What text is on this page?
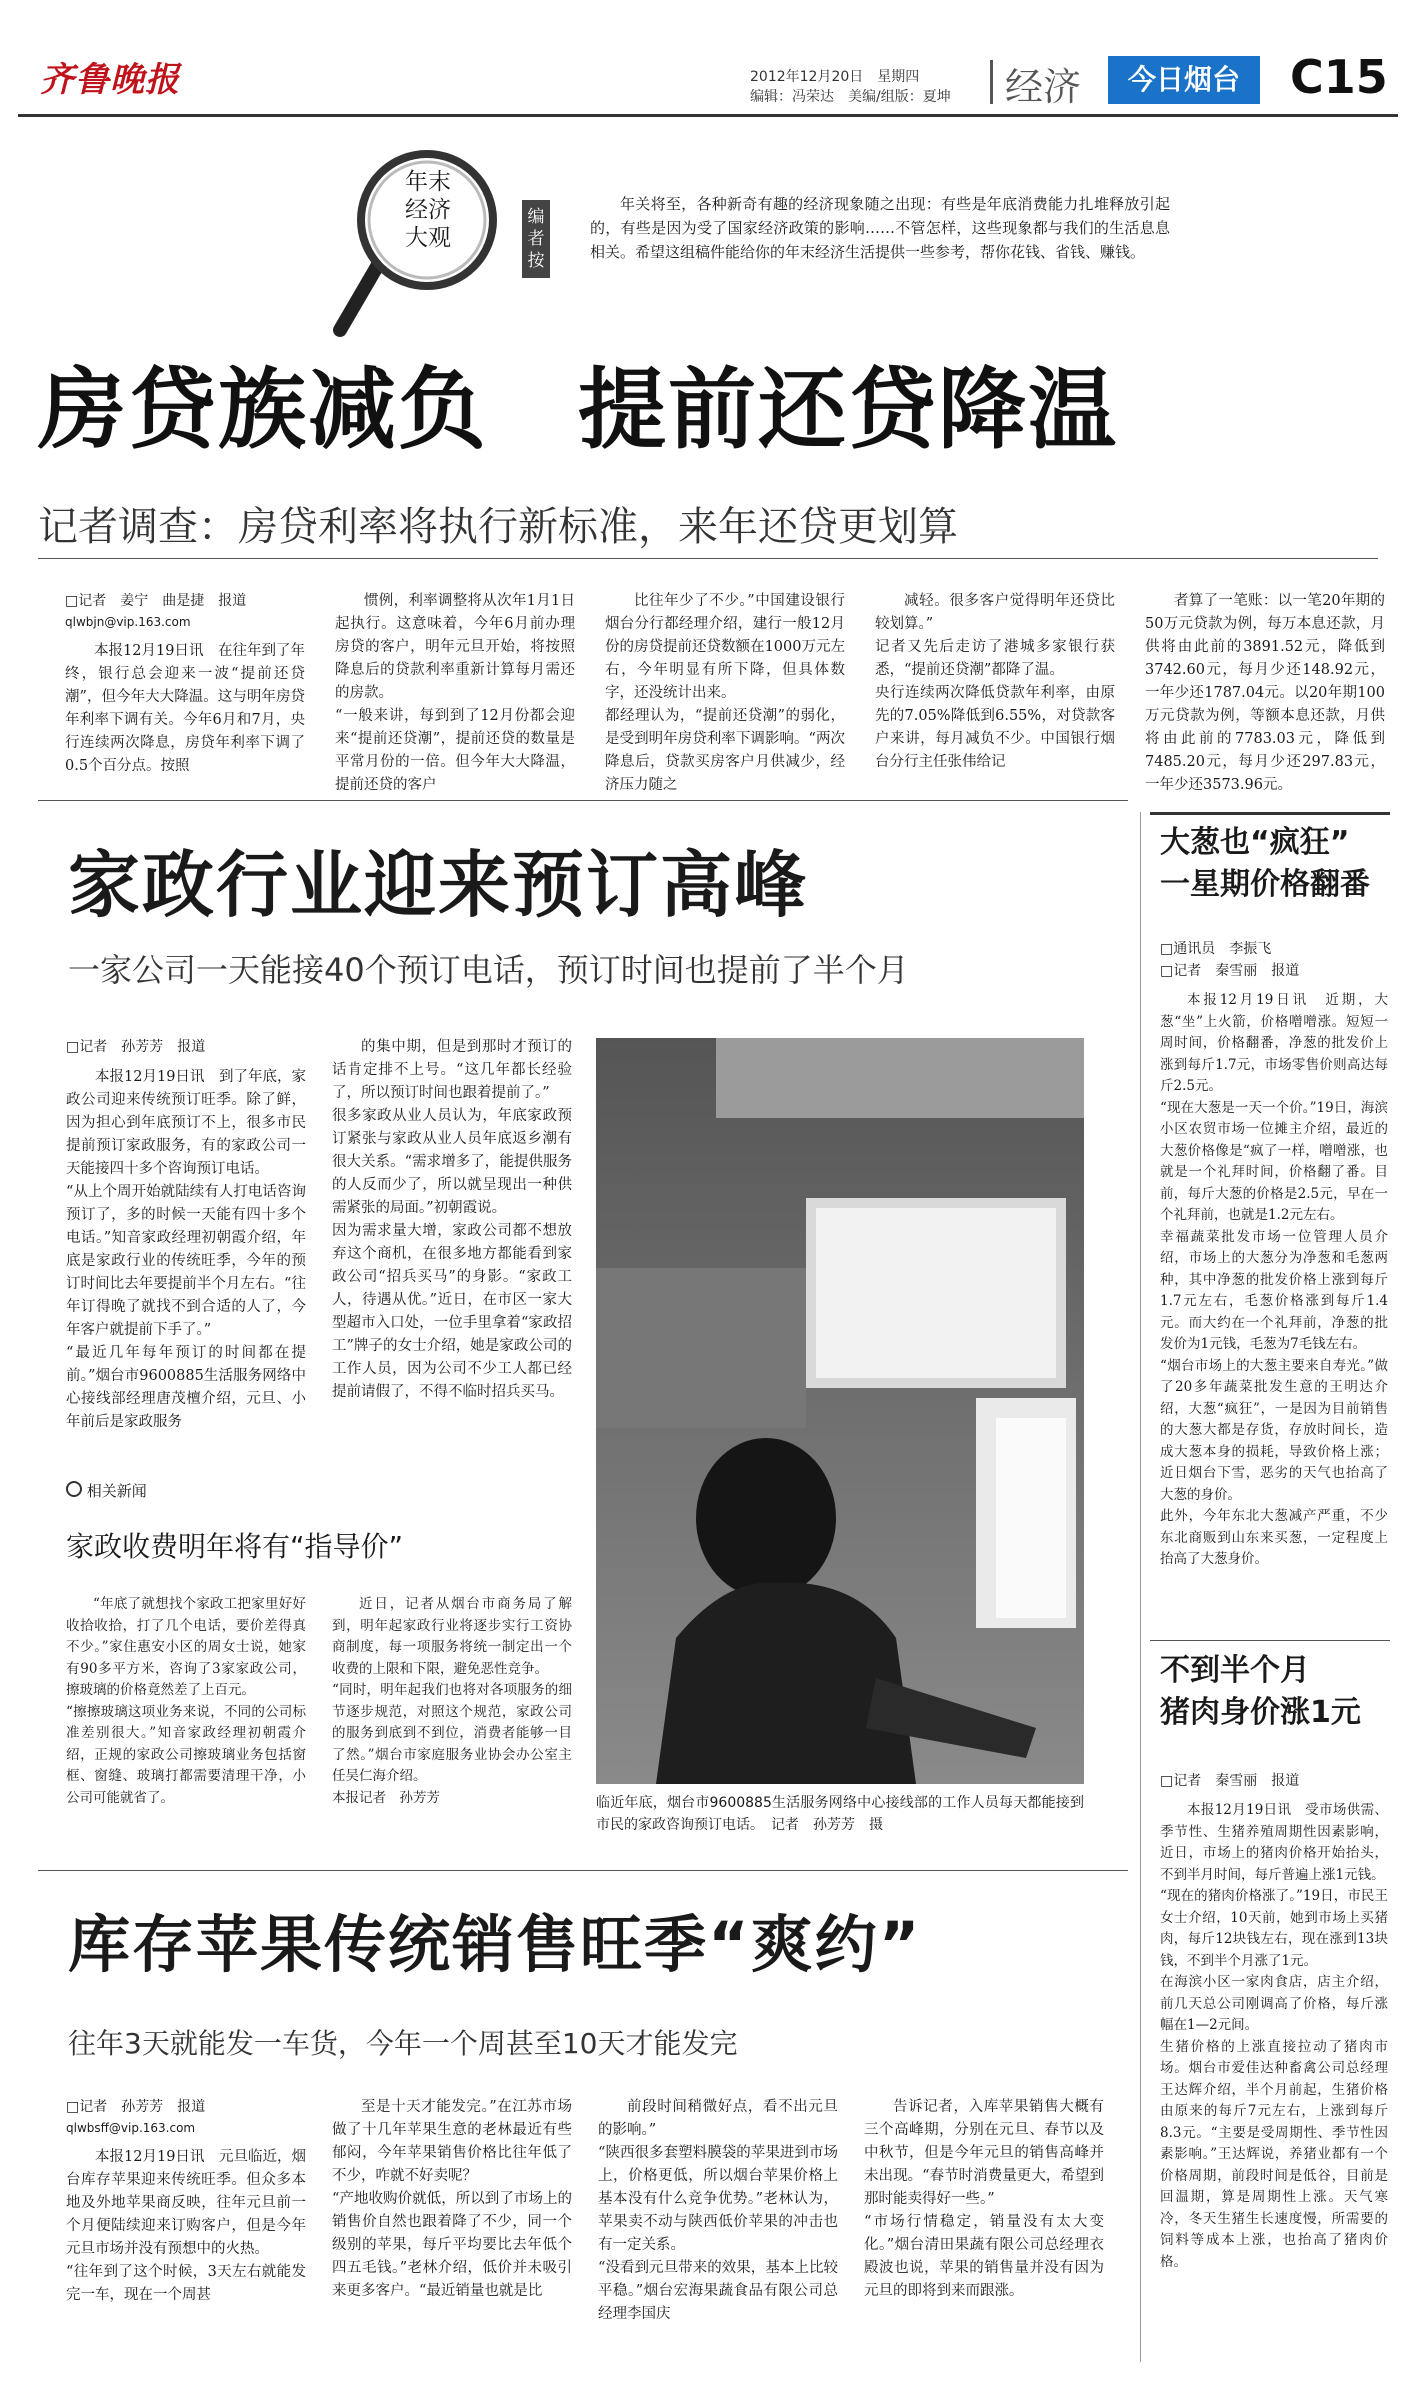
齐鲁晚报	2012年12月20日　星期四
编辑：冯荣达　美编/组版：夏坤 经济	今日烟台	C15
年末
经济
大观
编者按
年关将至，各种新奇有趣的经济现象随之出现：有些是年底消费能力扎堆释放引起的，有些是因为受了国家经济政策的影响……不管怎样，这些现象都与我们的生活息息相关。希望这组稿件能给你的年末经济生活提供一些参考，帮你花钱、省钱、赚钱。
房贷族减负　提前还贷降温
记者调查：房贷利率将执行新标准，来年还贷更划算

□记者　姜宁　曲是捷　报道

qlwbjn@vip.163.com

本报12月19日讯　在往年到了年终，银行总会迎来一波“提前还贷潮”，但今年大大降温。这与明年房贷年利率下调有关。今年6月和7月，央行连续两次降息，房贷年利率下调了0.5个百分点。按照

惯例，利率调整将从次年1月1日起执行。这意味着，今年6月前办理房贷的客户，明年元旦开始，将按照降息后的贷款利率重新计算每月需还的房款。
“一般来讲，每到到了12月份都会迎来“提前还贷潮”，提前还贷的数量是平常月份的一倍。但今年大大降温，提前还贷的客户

比往年少了不少。”中国建设银行烟台分行都经理介绍，建行一般12月份的房贷提前还贷数额在1000万元左右，今年明显有所下降，但具体数字，还没统计出来。
都经理认为，“提前还贷潮”的弱化，是受到明年房贷利率下调影响。“两次降息后，贷款买房客户月供减少，经济压力随之

减轻。很多客户觉得明年还贷比较划算。”
记者又先后走访了港城多家银行获悉，“提前还贷潮”都降了温。
央行连续两次降低贷款年利率，由原先的7.05%降低到6.55%，对贷款客户来讲，每月减负不少。中国银行烟台分行主任张伟给记

者算了一笔账：以一笔20年期的50万元贷款为例，每万本息还款，月供将由此前的3891.52元，降低到3742.60元，每月少还148.92元，一年少还1787.04元。以20年期100万元贷款为例，等额本息还款，月供将由此前的7783.03元，降低到7485.20元，每月少还297.83元，一年少还3573.96元。

家政行业迎来预订高峰
一家公司一天能接40个预订电话，预订时间也提前了半个月

□记者　孙芳芳　报道

本报12月19日讯　到了年底，家政公司迎来传统预订旺季。除了鲜，因为担心到年底预订不上，很多市民提前预订家政服务，有的家政公司一天能接四十多个咨询预订电话。
“从上个周开始就陆续有人打电话咨询预订了，多的时候一天能有四十多个电话。”知音家政经理初朝霞介绍，年底是家政行业的传统旺季，今年的预订时间比去年要提前半个月左右。“往年订得晚了就找不到合适的人了，今年客户就提前下手了。”
“最近几年每年预订的时间都在提前。”烟台市9600885生活服务网络中心接线部经理唐茂檀介绍，元旦、小年前后是家政服务

的集中期，但是到那时才预订的话肯定排不上号。“这几年都长经验了，所以预订时间也跟着提前了。”
很多家政从业人员认为，年底家政预订紧张与家政从业人员年底返乡潮有很大关系。“需求增多了，能提供服务的人反而少了，所以就呈现出一种供需紧张的局面。”初朝霞说。
因为需求量大增，家政公司都不想放弃这个商机，在很多地方都能看到家政公司“招兵买马”的身影。“家政工人，待遇从优。”近日，在市区一家大型超市入口处，一位手里拿着“家政招工”牌子的女士介绍，她是家政公司的工作人员，因为公司不少工人都已经提前请假了，不得不临时招兵买马。

临近年底，烟台市9600885生活服务网络中心接线部的工作人员每天都能接到市民的家政咨询预订电话。　记者　孙芳芳　摄
相关新闻
家政收费明年将有“指导价”

“年底了就想找个家政工把家里好好收拾收拾，打了几个电话，要价差得真不少。”家住惠安小区的周女士说，她家有90多平方米，咨询了3家家政公司，擦玻璃的价格竟然差了上百元。
“擦擦玻璃这项业务来说，不同的公司标准差别很大。”知音家政经理初朝霞介绍，正规的家政公司擦玻璃业务包括窗框、窗缝、玻璃打都需要清理干净，小公司可能就省了。

近日，记者从烟台市商务局了解到，明年起家政行业将逐步实行工资协商制度，每一项服务将统一制定出一个收费的上限和下限，避免恶性竞争。
“同时，明年起我们也将对各项服务的细节逐步规范，对照这个规范，家政公司的服务到底到不到位，消费者能够一目了然。”烟台市家庭服务业协会办公室主任吴仁海介绍。
本报记者　孙芳芳

库存苹果传统销售旺季“爽约”
往年3天就能发一车货，今年一个周甚至10天才能发完

□记者　孙芳芳　报道

qlwbsff@vip.163.com

本报12月19日讯　元旦临近，烟台库存苹果迎来传统旺季。但众多本地及外地苹果商反映，往年元旦前一个月便陆续迎来订购客户，但是今年元旦市场并没有预想中的火热。
“往年到了这个时候，3天左右就能发完一车，现在一个周甚

至是十天才能发完。”在江苏市场做了十几年苹果生意的老林最近有些郁闷，今年苹果销售价格比往年低了不少，咋就不好卖呢？
“产地收购价就低，所以到了市场上的销售价自然也跟着降了不少，同一个级别的苹果，每斤平均要比去年低个四五毛钱。”老林介绍，低价并未吸引来更多客户。“最近销量也就是比

前段时间稍微好点，看不出元旦的影响。”
“陕西很多套塑料膜袋的苹果进到市场上，价格更低，所以烟台苹果价格上基本没有什么竞争优势。”老林认为，苹果卖不动与陕西低价苹果的冲击也有一定关系。
“没看到元旦带来的效果，基本上比较平稳。”烟台宏海果蔬食品有限公司总经理李国庆

告诉记者，入库苹果销售大概有三个高峰期，分别在元旦、春节以及中秋节，但是今年元旦的销售高峰并未出现。“春节时消费量更大，希望到那时能卖得好一些。”
“市场行情稳定，销量没有太大变化。”烟台清田果蔬有限公司总经理衣殿波也说，苹果的销售量并没有因为元旦的即将到来而跟涨。

大葱也“疯狂”
一星期价格翻番

□通讯员　李振飞

□记者　秦雪丽　报道

本报12月19日讯　近期，大葱“坐”上火箭，价格噌噌涨。短短一周时间，价格翻番，净葱的批发价上涨到每斤1.7元，市场零售价则高达每斤2.5元。
“现在大葱是一天一个价。”19日，海滨小区农贸市场一位摊主介绍，最近的大葱价格像是“疯了一样，噌噌涨，也就是一个礼拜时间，价格翻了番。目前，每斤大葱的价格是2.5元，早在一个礼拜前，也就是1.2元左右。
幸福蔬菜批发市场一位管理人员介绍，市场上的大葱分为净葱和毛葱两种，其中净葱的批发价格上涨到每斤1.7元左右，毛葱价格涨到每斤1.4元。而大约在一个礼拜前，净葱的批发价为1元钱，毛葱为7毛钱左右。
“烟台市场上的大葱主要来自寿光。”做了20多年蔬菜批发生意的王明达介绍，大葱“疯狂”，一是因为目前销售的大葱大都是存货，存放时间长，造成大葱本身的损耗，导致价格上涨；近日烟台下雪，恶劣的天气也抬高了大葱的身价。
此外，今年东北大葱减产严重，不少东北商贩到山东来买葱，一定程度上抬高了大葱身价。

不到半个月
猪肉身价涨1元

□记者　秦雪丽　报道

本报12月19日讯　受市场供需、季节性、生猪养殖周期性因素影响，近日，市场上的猪肉价格开始抬头，不到半月时间，每斤普遍上涨1元钱。
“现在的猪肉价格涨了。”19日，市民王女士介绍，10天前，她到市场上买猪肉，每斤12块钱左右，现在涨到13块钱，不到半个月涨了1元。
在海滨小区一家肉食店，店主介绍，前几天总公司刚调高了价格，每斤涨幅在1—2元间。
生猪价格的上涨直接拉动了猪肉市场。烟台市爱佳达种畜禽公司总经理王达辉介绍，半个月前起，生猪价格由原来的每斤7元左右，上涨到每斤8.3元。“主要是受周期性、季节性因素影响。”王达辉说，养猪业都有一个价格周期，前段时间是低谷，目前是回温期，算是周期性上涨。天气寒冷，冬天生猪生长速度慢，所需要的饲料等成本上涨，也抬高了猪肉价格。
